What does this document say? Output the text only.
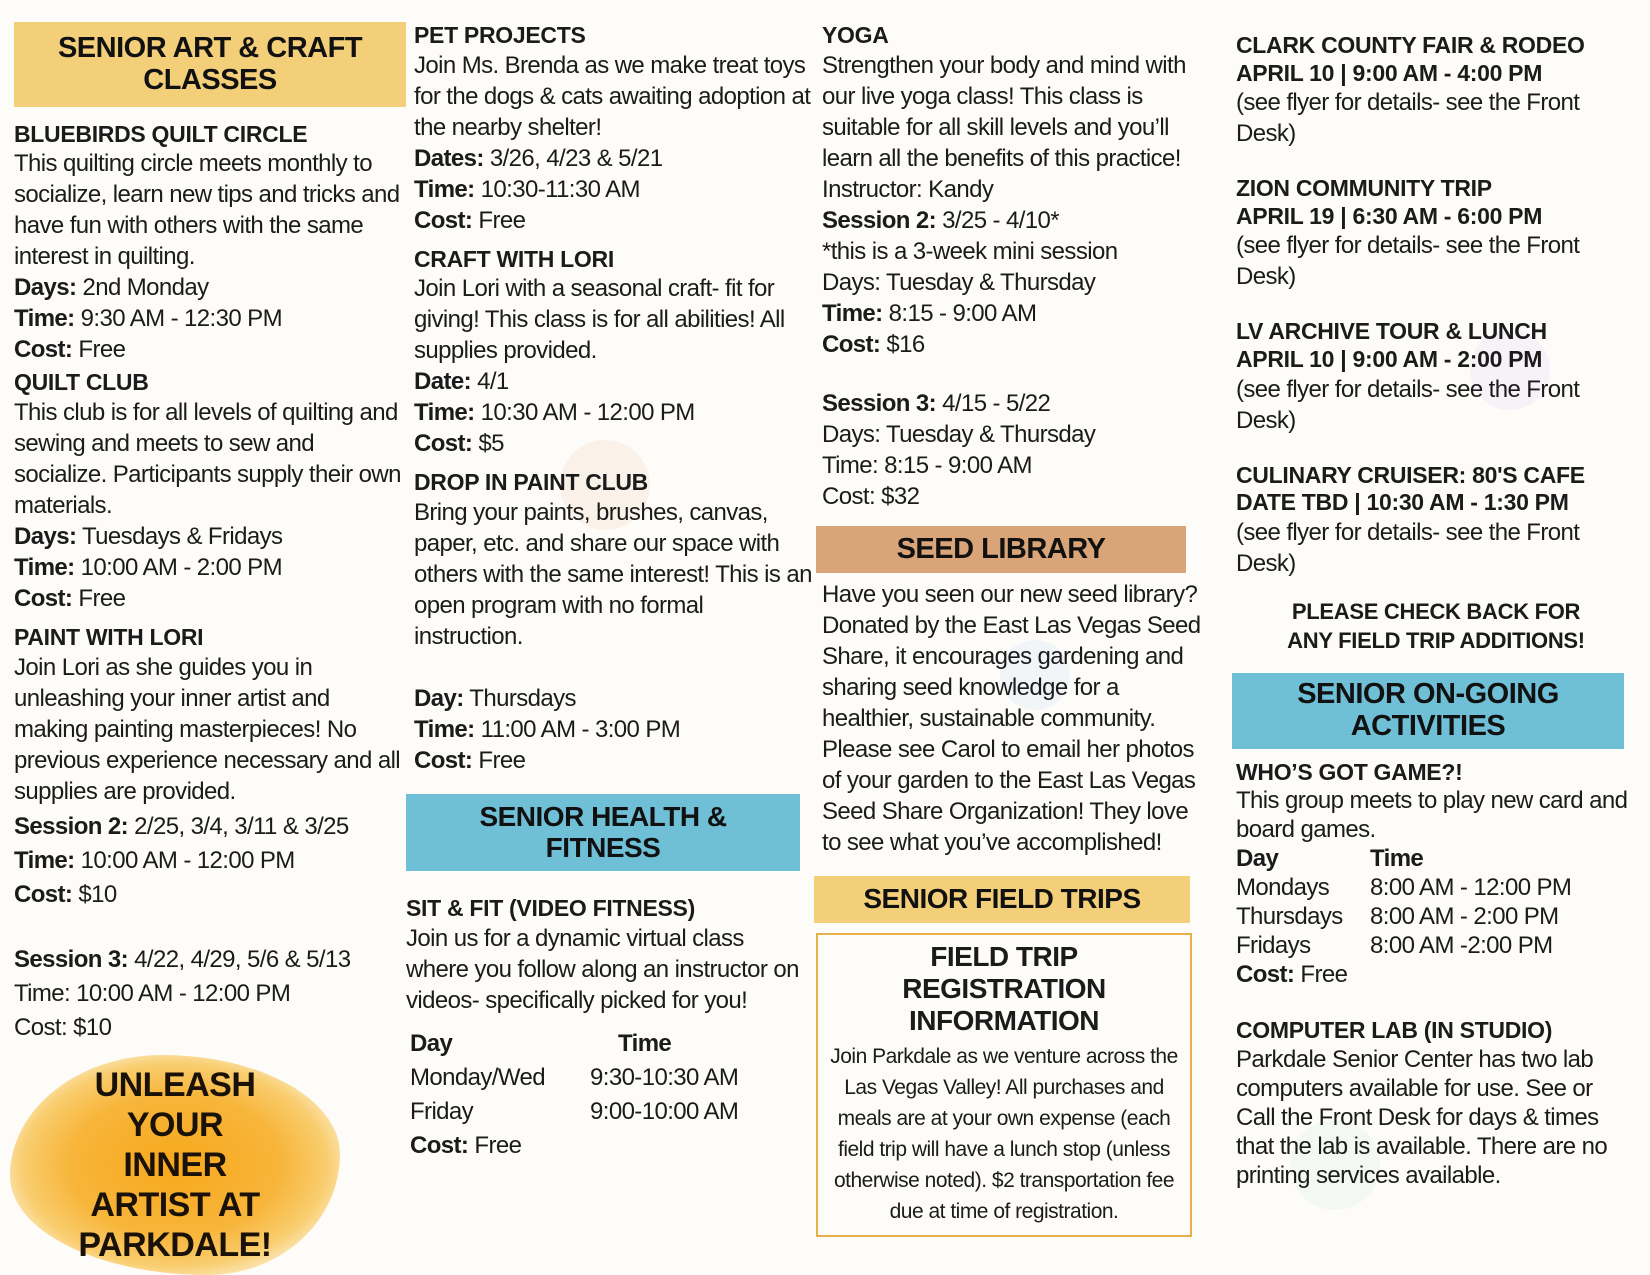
SENIOR ART & CRAFT CLASSES
BLUEBIRDS QUILT CIRCLE
This quilting circle meets monthly to socialize, learn new tips and tricks and have fun with others with the same interest in quilting.
Days: 2nd Monday
Time: 9:30 AM - 12:30 PM
Cost: Free
QUILT CLUB
This club is for all levels of quilting and sewing and meets to sew and socialize. Participants supply their own materials.
Days: Tuesdays & Fridays
Time: 10:00 AM - 2:00 PM
Cost: Free
PAINT WITH LORI
Join Lori as she guides you in unleashing your inner artist and making painting masterpieces! No previous experience necessary and all supplies are provided.
Session 2: 2/25, 3/4, 3/11 & 3/25
Time: 10:00 AM - 12:00 PM
Cost: $10
Session 3: 4/22, 4/29, 5/6 & 5/13
Time: 10:00 AM - 12:00 PM
Cost: $10
UNLEASH YOUR INNER ARTIST AT PARKDALE!
PET PROJECTS
Join Ms. Brenda as we make treat toys for the dogs & cats awaiting adoption at the nearby shelter!
Dates: 3/26, 4/23 & 5/21
Time: 10:30-11:30 AM
Cost: Free
CRAFT WITH LORI
Join Lori with a seasonal craft- fit for giving! This class is for all abilities! All supplies provided.
Date: 4/1
Time: 10:30 AM - 12:00 PM
Cost: $5
DROP IN PAINT CLUB
Bring your paints, brushes, canvas, paper, etc. and share our space with others with the same interest! This is an open program with no formal instruction.
Day: Thursdays
Time: 11:00 AM - 3:00 PM
Cost: Free
SENIOR HEALTH & FITNESS
SIT & FIT (VIDEO FITNESS)
Join us for a dynamic virtual class where you follow along an instructor on videos- specifically picked for you!
Day	Time
Monday/Wed	9:30-10:30 AM
Friday	9:00-10:00 AM
Cost: Free
YOGA
Strengthen your body and mind with our live yoga class! This class is suitable for all skill levels and you’ll learn all the benefits of this practice!
Instructor: Kandy
Session 2: 3/25 - 4/10*
*this is a 3-week mini session
Days: Tuesday & Thursday
Time: 8:15 - 9:00 AM
Cost: $16
Session 3: 4/15 - 5/22
Days: Tuesday & Thursday
Time: 8:15 - 9:00 AM
Cost: $32
SEED LIBRARY
Have you seen our new seed library? Donated by the East Las Vegas Seed Share, it encourages gardening and sharing seed knowledge for a healthier, sustainable community. Please see Carol to email her photos of your garden to the East Las Vegas Seed Share Organization! They love to see what you’ve accomplished!
SENIOR FIELD TRIPS
FIELD TRIP REGISTRATION INFORMATION
Join Parkdale as we venture across the Las Vegas Valley! All purchases and meals are at your own expense (each field trip will have a lunch stop (unless otherwise noted). $2 transportation fee due at time of registration.
CLARK COUNTY FAIR & RODEO
APRIL 10 | 9:00 AM - 4:00 PM
(see flyer for details- see the Front Desk)
ZION COMMUNITY TRIP
APRIL 19 | 6:30 AM - 6:00 PM
(see flyer for details- see the Front Desk)
LV ARCHIVE TOUR & LUNCH
APRIL 10 | 9:00 AM - 2:00 PM
(see flyer for details- see the Front Desk)
CULINARY CRUISER: 80'S CAFE
DATE TBD | 10:30 AM - 1:30 PM
(see flyer for details- see the Front Desk)
PLEASE CHECK BACK FOR ANY FIELD TRIP ADDITIONS!
SENIOR ON-GOING ACTIVITIES
WHO’S GOT GAME?!
This group meets to play new card and board games.
Day	Time
Mondays	8:00 AM - 12:00 PM
Thursdays	8:00 AM - 2:00 PM
Fridays	8:00 AM -2:00 PM
Cost: Free
COMPUTER LAB (IN STUDIO)
Parkdale Senior Center has two lab computers available for use. See or Call the Front Desk for days & times that the lab is available. There are no printing services available.
